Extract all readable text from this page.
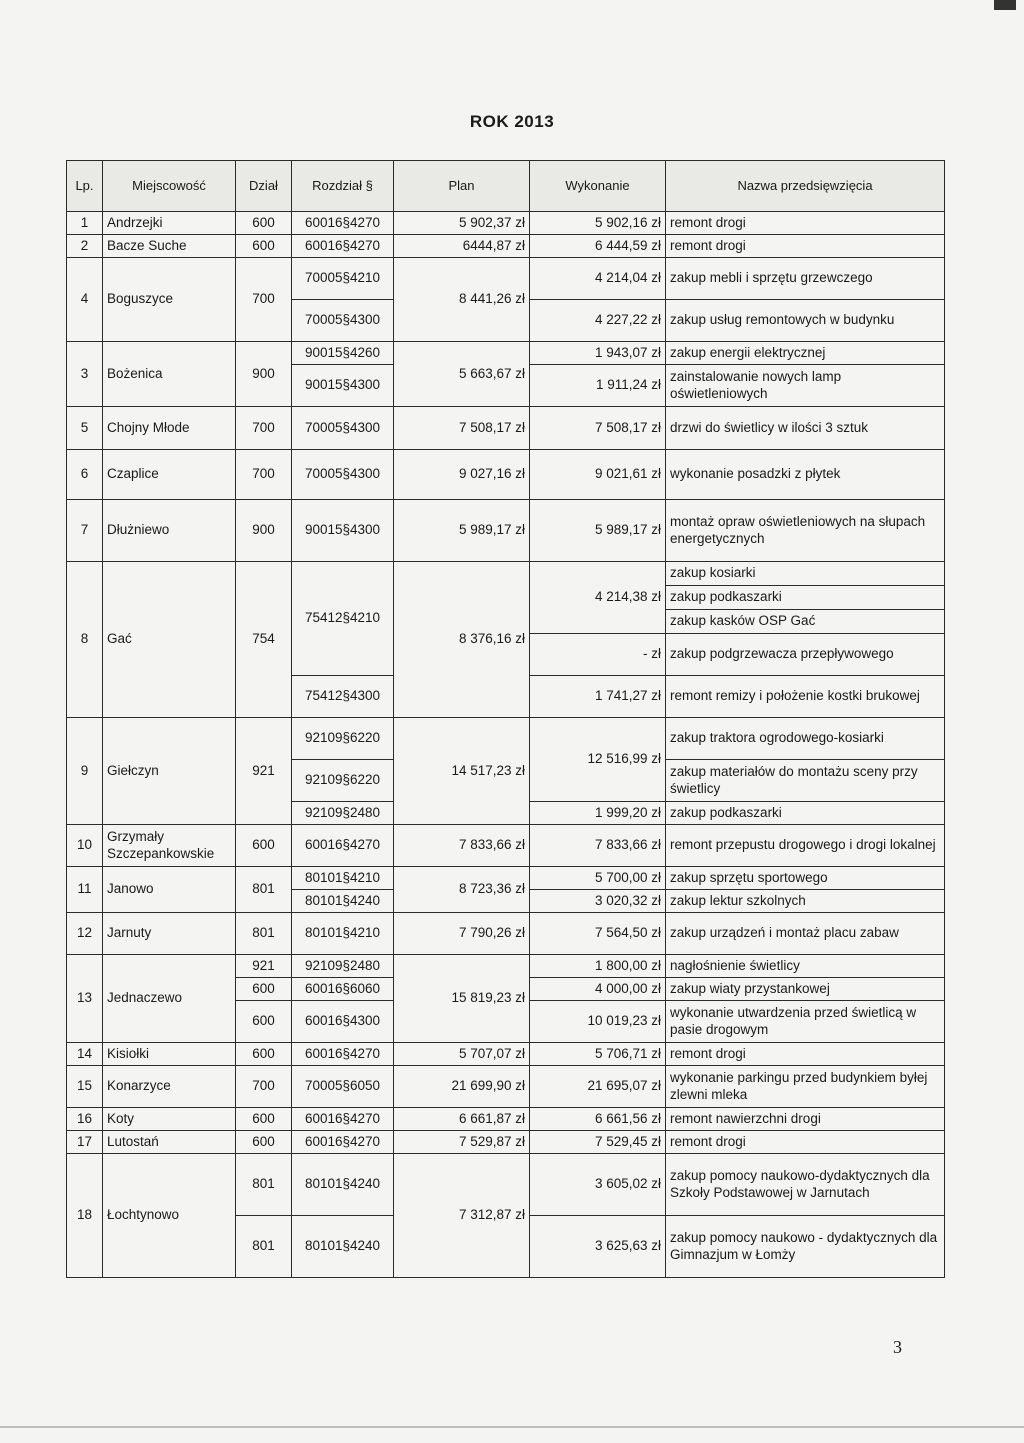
ROK 2013
Lp.	Miejscowość	Dział	Rozdział §	Plan	Wykonanie	Nazwa przedsięwzięcia
1	Andrzejki	600	60016§4270	5 902,37 zł	5 902,16 zł	remont drogi
2	Bacze Suche	600	60016§4270	6444,87 zł	6 444,59 zł	remont drogi
4	Boguszyce	700	70005§4210	8 441,26 zł	4 214,04 zł	zakup mebli i sprzętu grzewczego
			70005§4300		4 227,22 zł	zakup usług remontowych w budynku
3	Bożenica	900	90015§4260	5 663,67 zł	1 943,07 zł	zakup energii elektrycznej
			90015§4300		1 911,24 zł	zainstalowanie nowych lamp oświetleniowych
5	Chojny Młode	700	70005§4300	7 508,17 zł	7 508,17 zł	drzwi do świetlicy w ilości 3 sztuk
6	Czaplice	700	70005§4300	9 027,16 zł	9 021,61 zł	wykonanie posadzki z płytek
7	Dłużniewo	900	90015§4300	5 989,17 zł	5 989,17 zł	montaż opraw oświetleniowych na słupach energetycznych
8	Gać	754	75412§4210	8 376,16 zł	4 214,38 zł	zakup kosiarki
						zakup podkaszarki
						zakup kasków OSP Gać
					- zł	zakup podgrzewacza przepływowego
			75412§4300		1 741,27 zł	remont remizy i położenie kostki brukowej
9	Giełczyn	921	92109§6220	14 517,23 zł	12 516,99 zł	zakup traktora ogrodowego-kosiarki
			92109§6220			zakup materiałów do montażu sceny przy świetlicy
			92109§2480		1 999,20 zł	zakup podkaszarki
10	Grzymały Szczepankowskie	600	60016§4270	7 833,66 zł	7 833,66 zł	remont przepustu drogowego i drogi lokalnej
11	Janowo	801	80101§4210	8 723,36 zł	5 700,00 zł	zakup sprzętu sportowego
			80101§4240		3 020,32 zł	zakup lektur szkolnych
12	Jarnuty	801	80101§4210	7 790,26 zł	7 564,50 zł	zakup urządzeń i montaż placu zabaw
13	Jednaczewo	921	92109§2480	15 819,23 zł	1 800,00 zł	nagłośnienie świetlicy
		600	60016§6060		4 000,00 zł	zakup wiaty przystankowej
		600	60016§4300		10 019,23 zł	wykonanie utwardzenia przed świetlicą w pasie drogowym
14	Kisiołki	600	60016§4270	5 707,07 zł	5 706,71 zł	remont drogi
15	Konarzyce	700	70005§6050	21 699,90 zł	21 695,07 zł	wykonanie parkingu przed budynkiem byłej zlewni mleka
16	Koty	600	60016§4270	6 661,87 zł	6 661,56 zł	remont nawierzchni drogi
17	Lutostań	600	60016§4270	7 529,87 zł	7 529,45 zł	remont drogi
18	Łochtynowo	801	80101§4240	7 312,87 zł	3 605,02 zł	zakup pomocy naukowo-dydaktycznych dla Szkoły Podstawowej w Jarnutach
		801	80101§4240		3 625,63 zł	zakup pomocy naukowo - dydaktycznych dla Gimnazjum w Łomży
3
